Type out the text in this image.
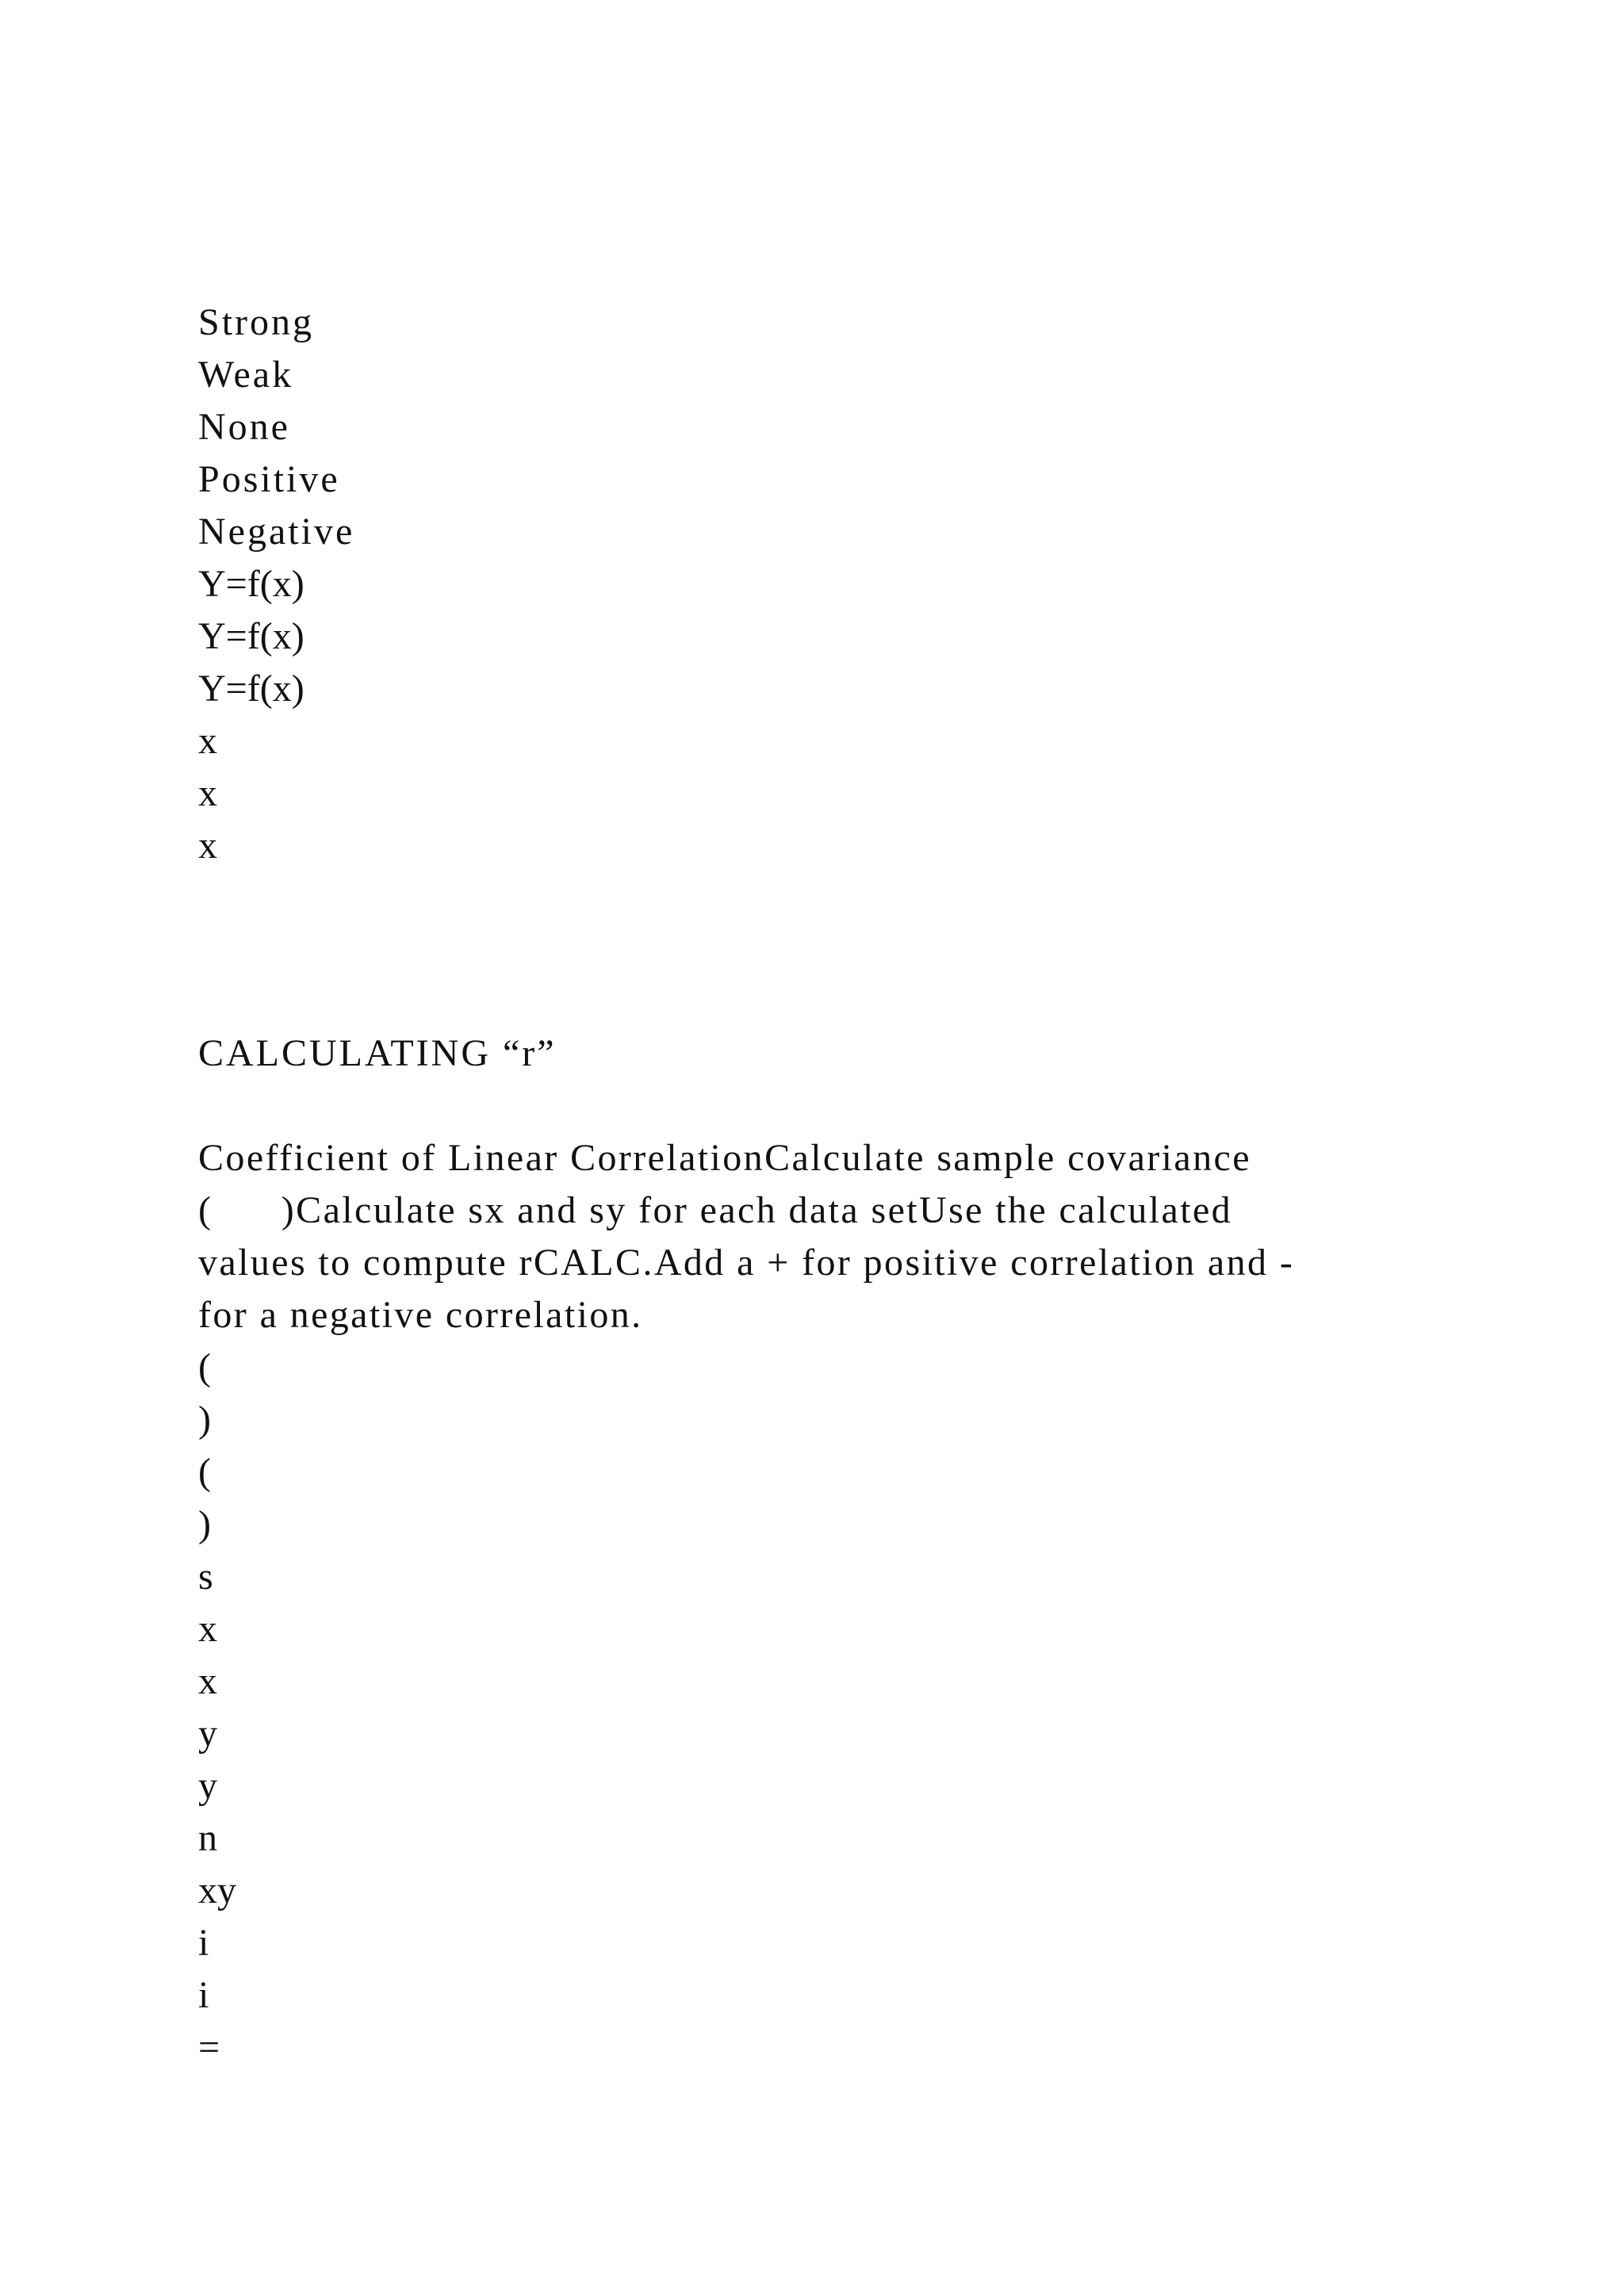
Strong

Weak

None

Positive

Negative

Y=f(x)

Y=f(x)

Y=f(x)

x

x

x

CALCULATING “r”

Coefficient of Linear CorrelationCalculate sample covariance

(      )Calculate sx and sy for each data setUse the calculated

values to compute rCALC.Add a + for positive correlation and -

for a negative correlation.

(

)

(

)

s

x

x

y

y

n

xy

i

i

=
